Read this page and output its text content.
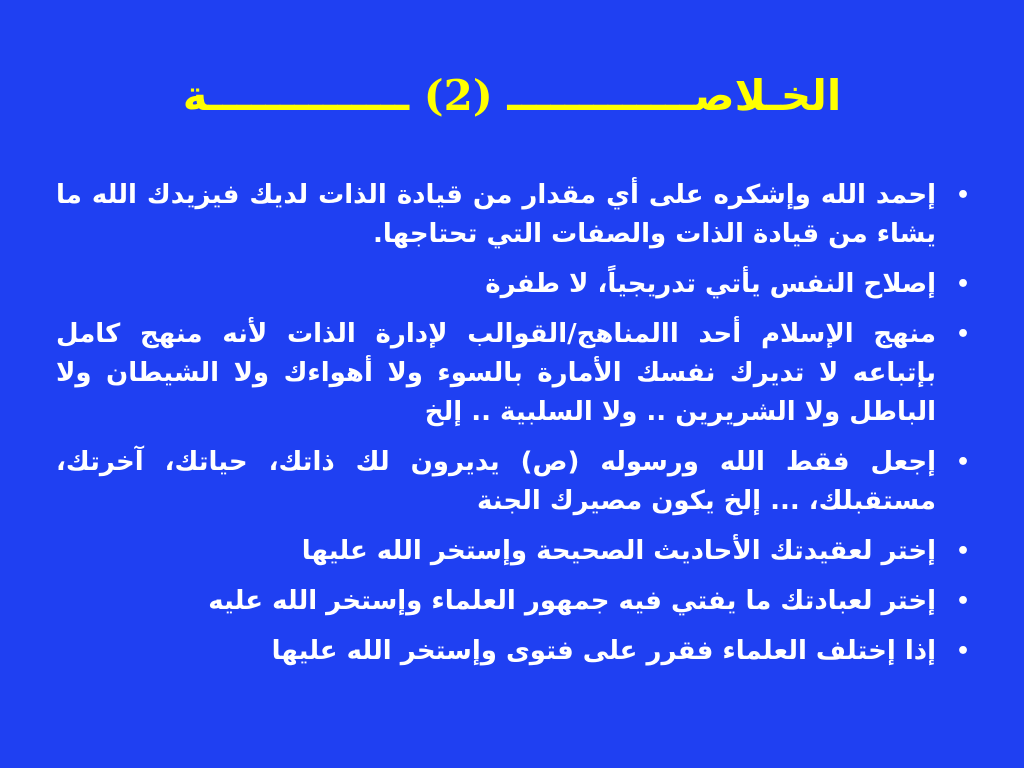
الخـلاصـــــــــــــ (2) ــــــــــــــة
•
إحمد الله وإشكره على أي مقدار من قيادة الذات لديك فيزيدك الله ما يشاء من قيادة الذات والصفات التي تحتاجها.
•
إصلاح النفس يأتي تدريجياً، لا طفرة
•
منهج الإسلام أحد االمناهج/القوالب لإدارة الذات لأنه منهج كامل بإتباعه لا تديرك نفسك الأمارة بالسوء ولا أهواءك ولا الشيطان ولا الباطل ولا الشريرين .. ولا السلبية .. إلخ
•
إجعل فقط الله ورسوله (ص) يديرون لك ذاتك، حياتك، آخرتك، مستقبلك، ... إلخ يكون مصيرك الجنة
•
إختر لعقيدتك الأحاديث الصحيحة وإستخر الله عليها
•
إختر لعبادتك ما يفتي فيه جمهور العلماء وإستخر الله عليه
•
إذا إختلف العلماء فقرر على فتوى وإستخر الله عليها
